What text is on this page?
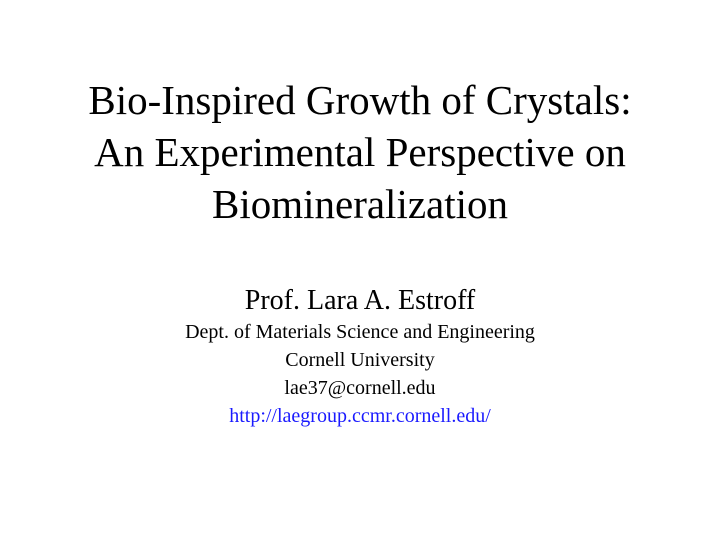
Bio-Inspired Growth of Crystals:
An Experimental Perspective on
Biomineralization

Prof. Lara A. Estroff

Dept. of Materials Science and Engineering

Cornell University

lae37@cornell.edu

http://laegroup.ccmr.cornell.edu/
